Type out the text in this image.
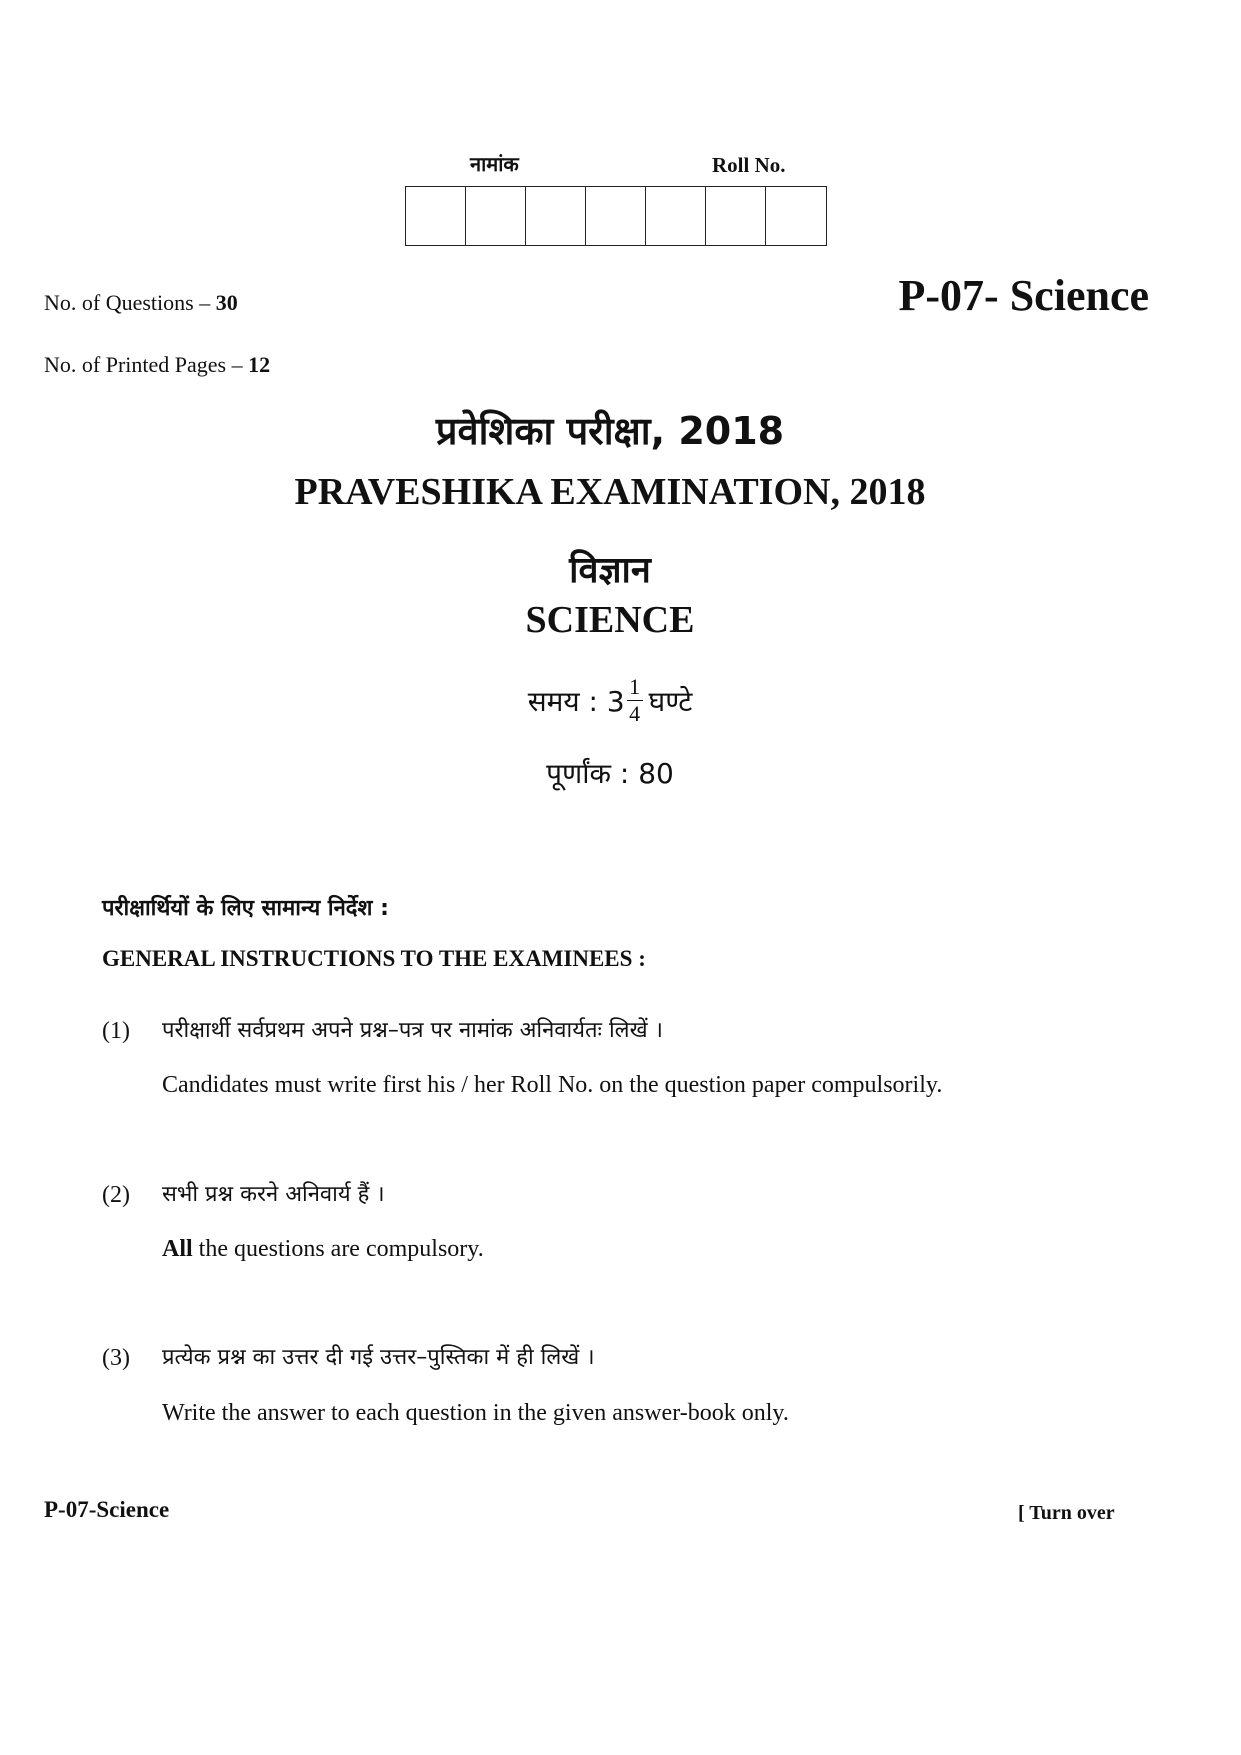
नामांक	Roll No.
No. of Questions – 30
No. of Printed Pages – 12
P-07- Science
प्रवेशिका परीक्षा, 2018
PRAVESHIKA EXAMINATION, 2018
विज्ञान
SCIENCE
समय : $3 \frac{1}{4}$ घण्टे
पूर्णांक : 80
परीक्षार्थियों के लिए सामान्य निर्देश :
GENERAL INSTRUCTIONS TO THE EXAMINEES :
(1) परीक्षार्थी सर्वप्रथम अपने प्रश्न–पत्र पर नामांक अनिवार्यतः लिखें ।
Candidates must write first his / her Roll No. on the question paper compulsorily.
(2) सभी प्रश्न करने अनिवार्य हैं ।
All the questions are compulsory.
(3) प्रत्येक प्रश्न का उत्तर दी गई उत्तर–पुस्तिका में ही लिखें ।
Write the answer to each question in the given answer-book only.
P-07-Science	[ Turn over
